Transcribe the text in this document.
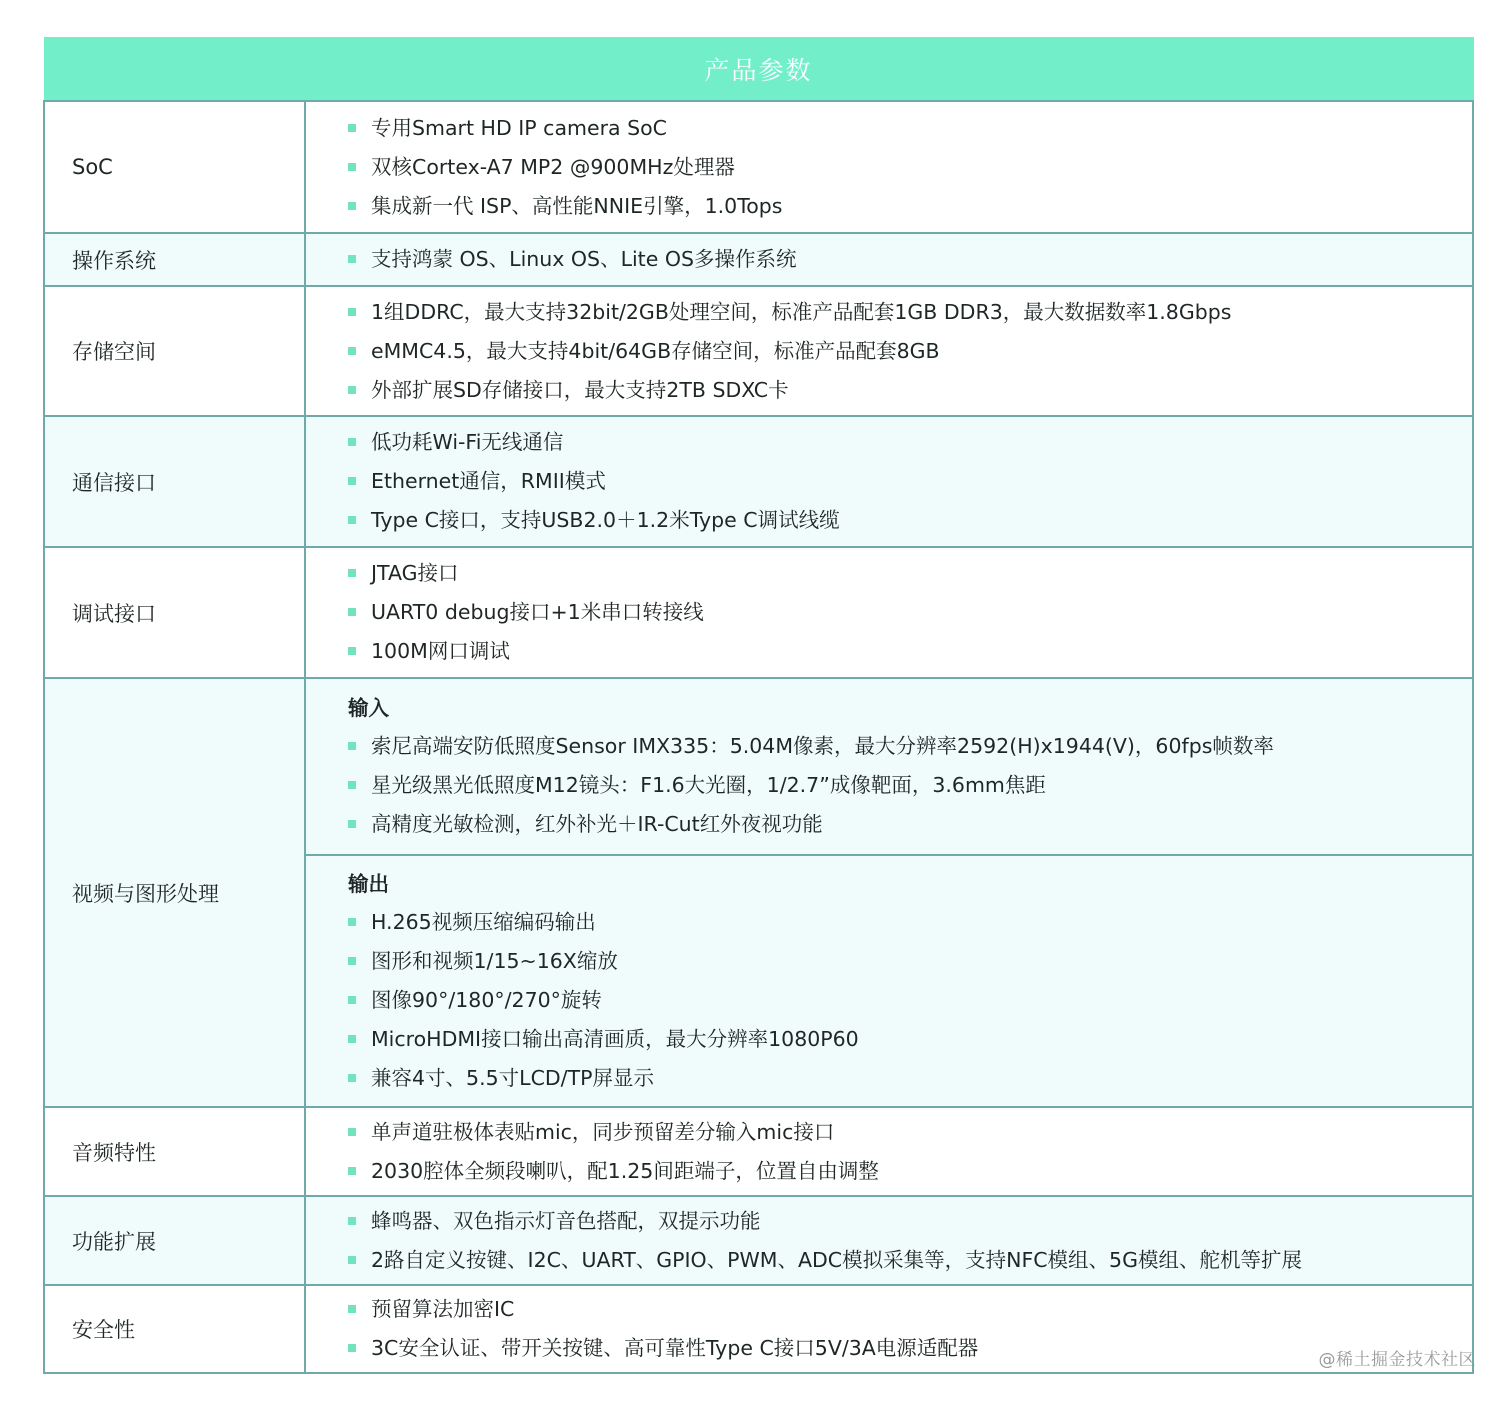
产品参数
SoC	
专用Smart HD IP camera SoC
双核Cortex-A7 MP2 @900MHz处理器
集成新一代 ISP、高性能NNIE引擎，1.0Tops

操作系统	支持鸿蒙 OS、Linux OS、Lite OS多操作系统

存储空间	
1组DDRC，最大支持32bit/2GB处理空间，标准产品配套1GB DDR3，最大数据数率1.8Gbps
eMMC4.5，最大支持4bit/64GB存储空间，标准产品配套8GB
外部扩展SD存储接口，最大支持2TB SDXC卡

通信接口	
低功耗Wi-Fi无线通信
Ethernet通信，RMII模式
Type C接口，支持USB2.0＋1.2米Type C调试线缆

调试接口	
JTAG接口
UART0 debug接口+1米串口转接线
100M网口调试

视频与图形处理	
输入
索尼高端安防低照度Sensor IMX335：5.04M像素，最大分辨率2592(H)x1944(V)，60fps帧数率
星光级黑光低照度M12镜头：F1.6大光圈，1/2.7”成像靶面，3.6mm焦距
高精度光敏检测，红外补光＋IR-Cut红外夜视功能

输出
H.265视频压缩编码输出
图形和视频1/15~16X缩放
图像90°/180°/270°旋转
MicroHDMI接口输出高清画质，最大分辨率1080P60
兼容4寸、5.5寸LCD/TP屏显示

音频特性	
单声道驻极体表贴mic，同步预留差分输入mic接口
2030腔体全频段喇叭，配1.25间距端子，位置自由调整

功能扩展	
蜂鸣器、双色指示灯音色搭配，双提示功能
2路自定义按键、I2C、UART、GPIO、PWM、ADC模拟采集等，支持NFC模组、5G模组、舵机等扩展

安全性	
预留算法加密IC
3C安全认证、带开关按键、高可靠性Type C接口5V/3A电源适配器	@稀土掘金技术社区
